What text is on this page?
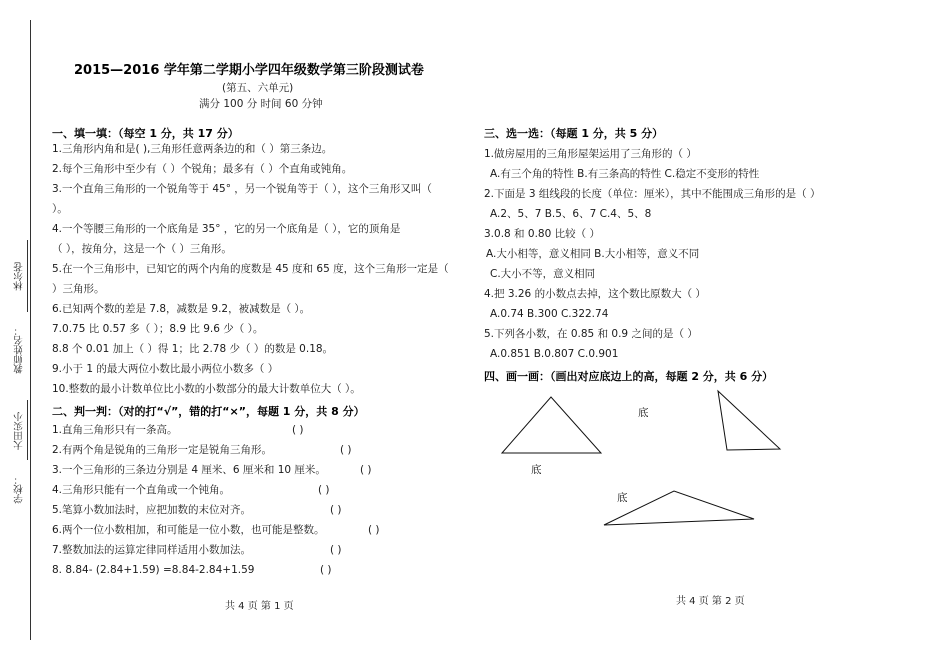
学校：
大田实小
教师姓名：
林尔苍
2015—2016 学年第二学期小学四年级数学第三阶段测试卷
(第五、六单元)
满分 100 分 时间 60 分钟
一、填一填：（每空 1 分，共 17 分）
1.三角形内角和是( ),三角形任意两条边的和（ ）第三条边。
2.每个三角形中至少有（ ）个锐角；最多有（ ）个直角或钝角。
3.一个直角三角形的一个锐角等于 45° ，另一个锐角等于（ ），这个三角形又叫（
）。
4.一个等腰三角形的一个底角是 35° ，它的另一个底角是（ ），它的顶角是
（ ），按角分，这是一个（ ）三角形。
5.在一个三角形中，已知它的两个内角的度数是 45 度和 65 度，这个三角形一定是（
）三角形。
6.已知两个数的差是 7.8，减数是 9.2，被减数是（ ）。
7.0.75 比 0.57 多（ ）；8.9 比 9.6 少（ ）。
8.8 个 0.01 加上（ ）得 1；比 2.78 少（ ）的数是 0.18。
9.小于 1 的最大两位小数比最小两位小数多（ ）
10.整数的最小计数单位比小数的小数部分的最大计数单位大（ ）。
二、判一判：（对的打“√”，错的打“×”，每题 1 分，共 8 分）
1.直角三角形只有一条高。	( )
2.有两个角是锐角的三角形一定是锐角三角形。	( )
3.一个三角形的三条边分别是 4 厘米、6 厘米和 10 厘米。	( )
4.三角形只能有一个直角或一个钝角。	( )
5.笔算小数加法时，应把加数的末位对齐。	( )
6.两个一位小数相加，和可能是一位小数，也可能是整数。	( )
7.整数加法的运算定律同样适用小数加法。	( )
8. 8.84- (2.84+1.59) =8.84-2.84+1.59	( )
共 4 页 第 1 页
三、选一选：（每题 1 分，共 5 分）
1.做房屋用的三角形屋架运用了三角形的（ ）
A.有三个角的特性 B.有三条高的特性 C.稳定不变形的特性
2.下面是 3 组线段的长度（单位：厘米），其中不能围成三角形的是（ ）
A.2、5、7 B.5、6、7 C.4、5、8
3.0.8 和 0.80 比较（ ）
A.大小相等，意义相同 B.大小相等，意义不同
C.大小不等，意义相同
4.把 3.26 的小数点去掉，这个数比原数大（ ）
A.0.74 B.300 C.322.74
5.下列各小数，在 0.85 和 0.9 之间的是（ ）
A.0.851 B.0.807 C.0.901
四、画一画：（画出对应底边上的高，每题 2 分，共 6 分）
底
底
底
共 4 页 第 2 页
